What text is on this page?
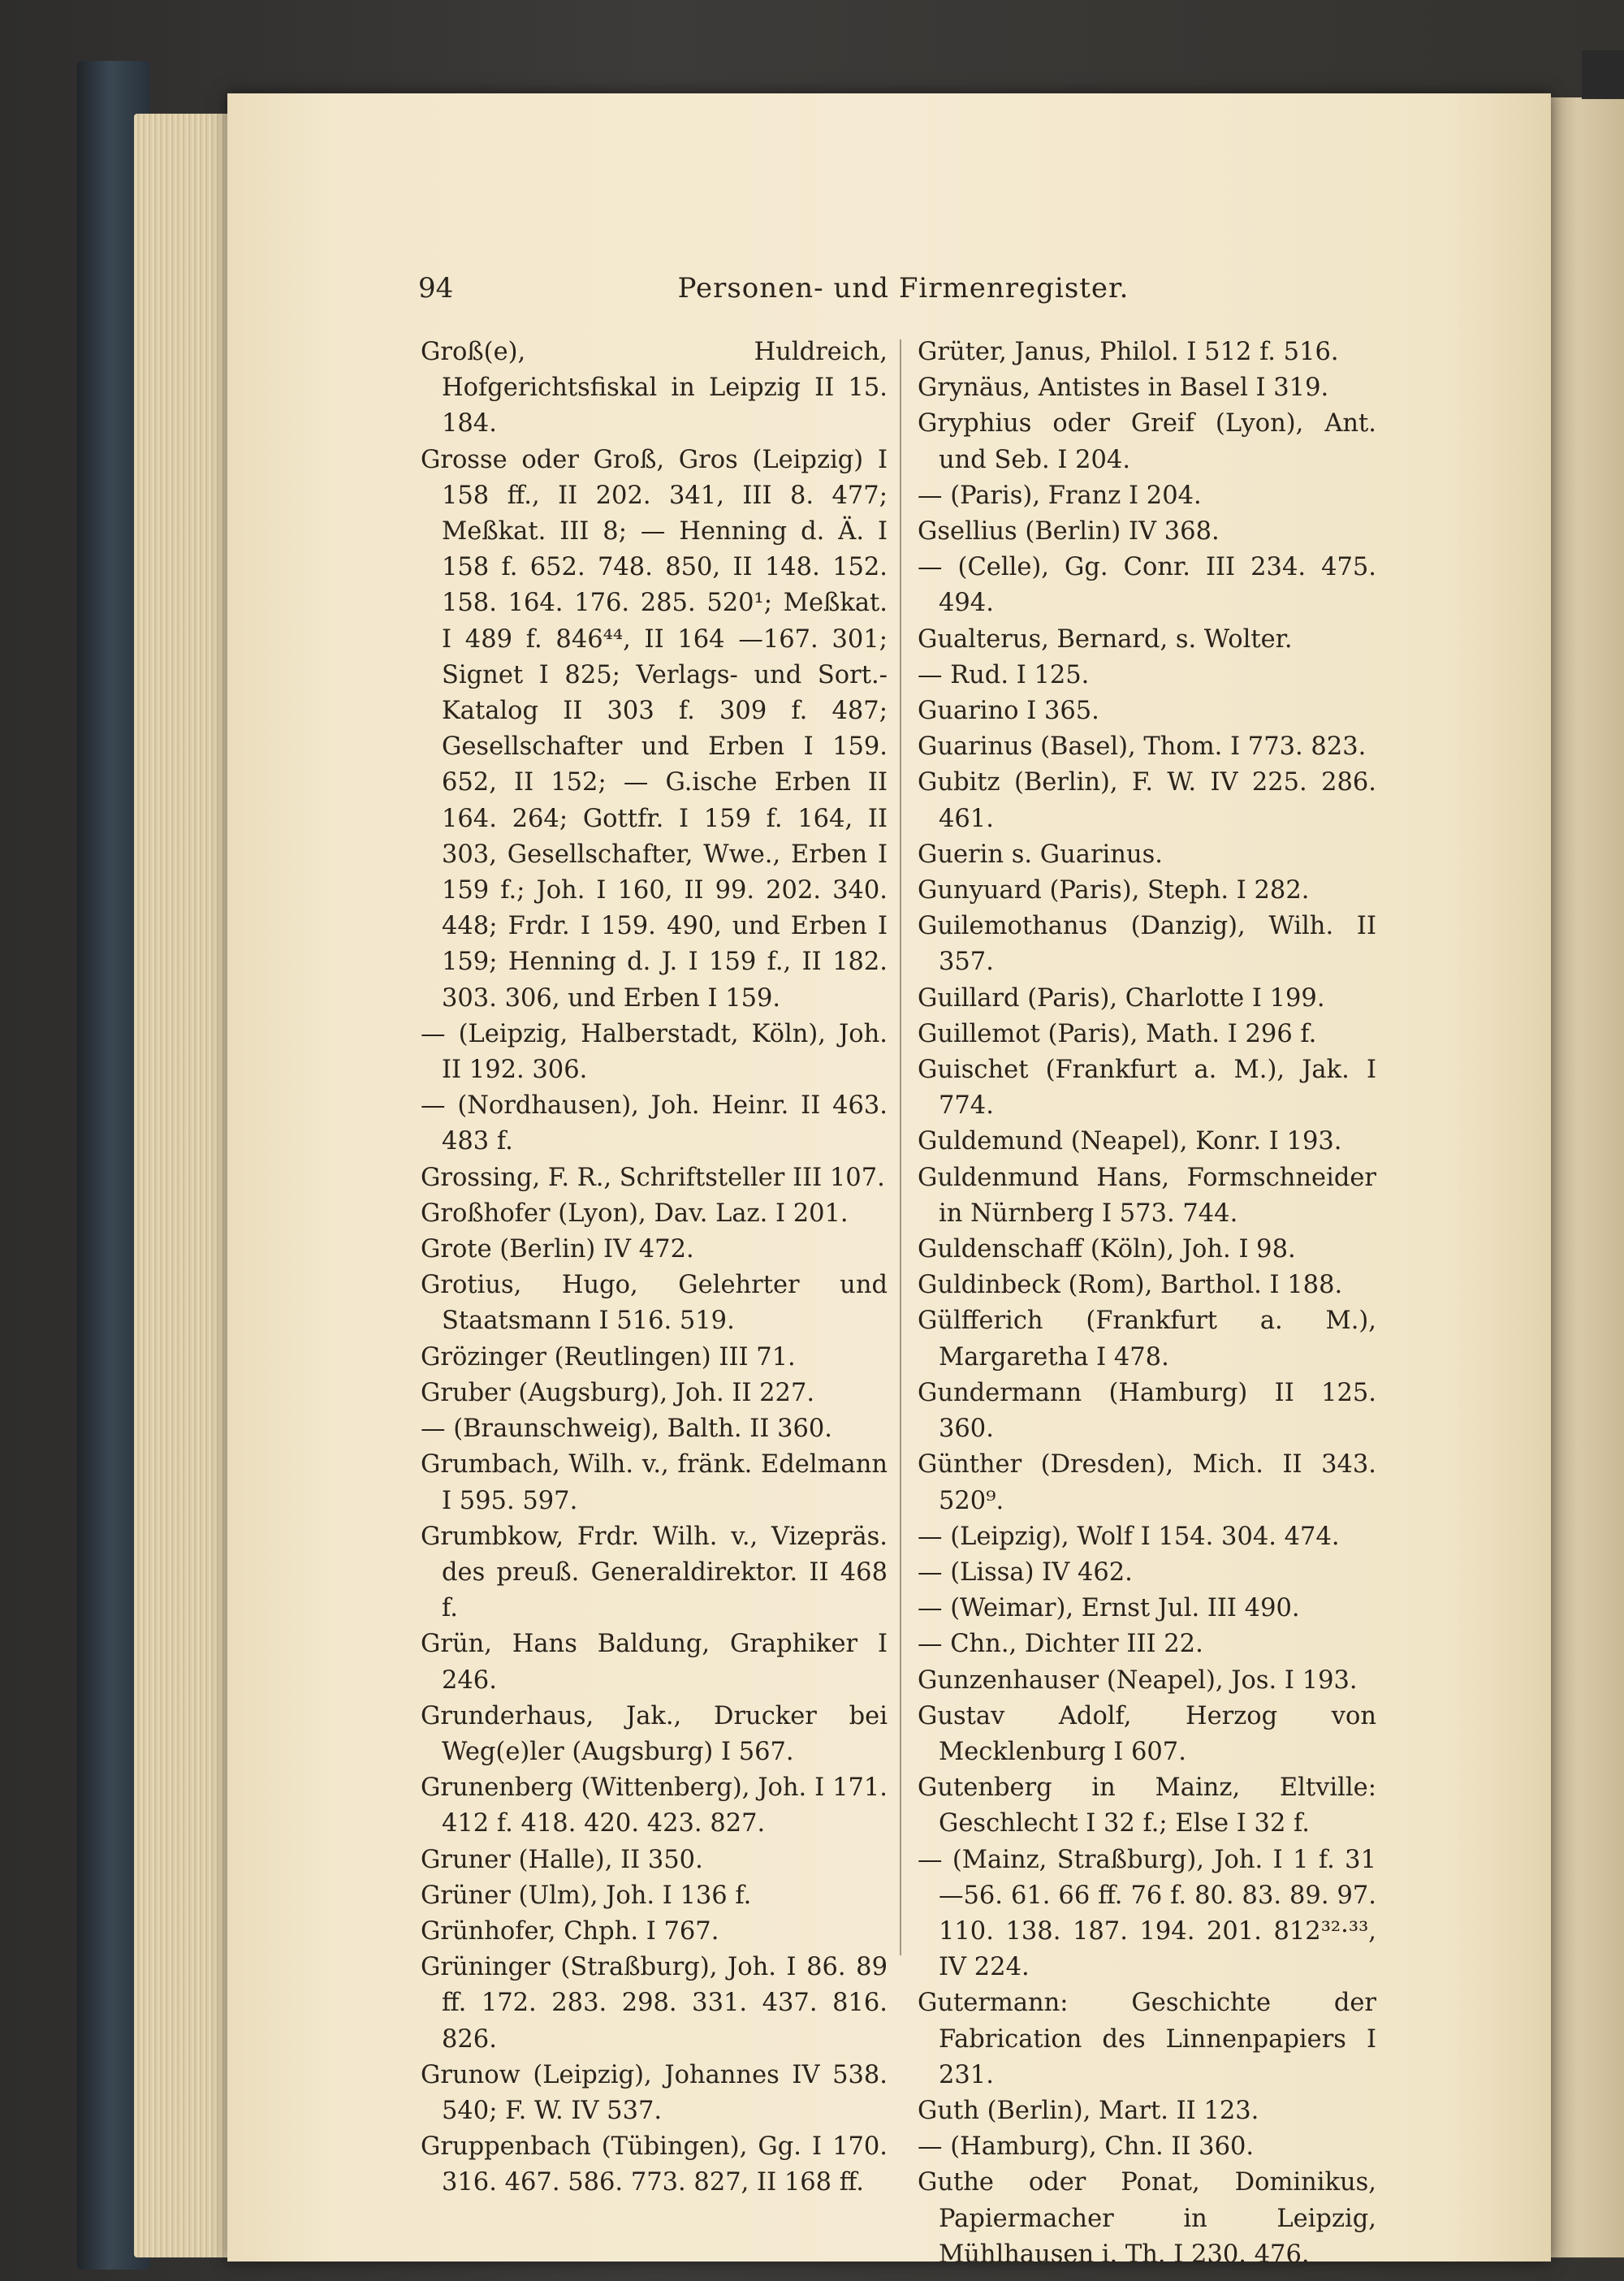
94	Personen- und Firmenregister.

Groß(e), Huldreich, Hofgerichtsfiskal in Leipzig II 15. 184.

Grosse oder Groß, Gros (Leipzig) I 158 ff., II 202. 341, III 8. 477; Meßkat. III 8; — Henning d. Ä. I 158 f. 652. 748. 850, II 148. 152. 158. 164. 176. 285. 520¹; Meßkat. I 489 f. 846⁴⁴, II 164 —167. 301; Signet I 825; Verlags- und Sort.-Katalog II 303 f. 309 f. 487; Gesellschafter und Erben I 159. 652, II 152; — G.ische Erben II 164. 264; Gottfr. I 159 f. 164, II 303, Gesellschafter, Wwe., Erben I 159 f.; Joh. I 160, II 99. 202. 340. 448; Frdr. I 159. 490, und Erben I 159; Henning d. J. I 159 f., II 182. 303. 306, und Erben I 159.

— (Leipzig, Halberstadt, Köln), Joh. II 192. 306.

— (Nordhausen), Joh. Heinr. II 463. 483 f.

Grossing, F. R., Schriftsteller III 107.

Großhofer (Lyon), Dav. Laz. I 201.

Grote (Berlin) IV 472.

Grotius, Hugo, Gelehrter und Staatsmann I 516. 519.

Grözinger (Reutlingen) III 71.

Gruber (Augsburg), Joh. II 227.

— (Braunschweig), Balth. II 360.

Grumbach, Wilh. v., fränk. Edelmann I 595. 597.

Grumbkow, Frdr. Wilh. v., Vizepräs. des preuß. Generaldirektor. II 468 f.

Grün, Hans Baldung, Graphiker I 246.

Grunderhaus, Jak., Drucker bei Weg(e)ler (Augsburg) I 567.

Grunenberg (Wittenberg), Joh. I 171. 412 f. 418. 420. 423. 827.

Gruner (Halle), II 350.

Grüner (Ulm), Joh. I 136 f.

Grünhofer, Chph. I 767.

Grüninger (Straßburg), Joh. I 86. 89 ff. 172. 283. 298. 331. 437. 816. 826.

Grunow (Leipzig), Johannes IV 538. 540; F. W. IV 537.

Gruppenbach (Tübingen), Gg. I 170. 316. 467. 586. 773. 827, II 168 ff.

Grüter, Janus, Philol. I 512 f. 516.

Grynäus, Antistes in Basel I 319.

Gryphius oder Greif (Lyon), Ant. und Seb. I 204.

— (Paris), Franz I 204.

Gsellius (Berlin) IV 368.

— (Celle), Gg. Conr. III 234. 475. 494.

Gualterus, Bernard, s. Wolter.

— Rud. I 125.

Guarino I 365.

Guarinus (Basel), Thom. I 773. 823.

Gubitz (Berlin), F. W. IV 225. 286. 461.

Guerin s. Guarinus.

Gunyuard (Paris), Steph. I 282.

Guilemothanus (Danzig), Wilh. II 357.

Guillard (Paris), Charlotte I 199.

Guillemot (Paris), Math. I 296 f.

Guischet (Frankfurt a. M.), Jak. I 774.

Guldemund (Neapel), Konr. I 193.

Guldenmund Hans, Formschneider in Nürnberg I 573. 744.

Guldenschaff (Köln), Joh. I 98.

Guldinbeck (Rom), Barthol. I 188.

Gülfferich (Frankfurt a. M.), Margaretha I 478.

Gundermann (Hamburg) II 125. 360.

Günther (Dresden), Mich. II 343. 520⁹.

— (Leipzig), Wolf I 154. 304. 474.

— (Lissa) IV 462.

— (Weimar), Ernst Jul. III 490.

— Chn., Dichter III 22.

Gunzenhauser (Neapel), Jos. I 193.

Gustav Adolf, Herzog von Mecklenburg I 607.

Gutenberg in Mainz, Eltville: Geschlecht I 32 f.; Else I 32 f.

— (Mainz, Straßburg), Joh. I 1 f. 31 —56. 61. 66 ff. 76 f. 80. 83. 89. 97. 110. 138. 187. 194. 201. 812³²·³³, IV 224.

Gutermann: Geschichte der Fabrication des Linnenpapiers I 231.

Guth (Berlin), Mart. II 123.

— (Hamburg), Chn. II 360.

Guthe oder Ponat, Dominikus, Papiermacher in Leipzig, Mühlhausen i. Th. I 230. 476.
